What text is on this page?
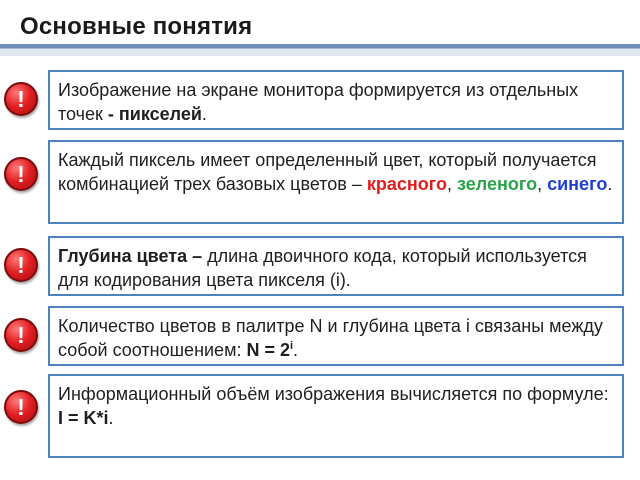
Основные понятия
!	Изображение на экране монитора формируется из отдельных точек - пикселей.
!
Каждый пиксель имеет определенный цвет, который получается комбинацией трех базовых цветов – красного, зеленого, синего.
!	Глубина цвета – длина двоичного кода, который используется для кодирования цвета пикселя (i).
!	Количество цветов в палитре N и глубина цвета i связаны между собой соотношением: $N = 2^i$.
!	Информационный объём изображения вычисляется по формуле:
I = K*i.
